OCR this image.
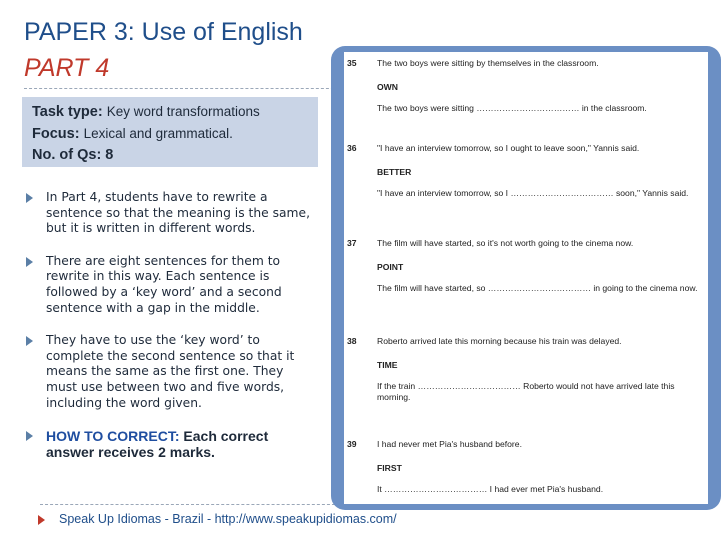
PAPER 3: Use of English
PART 4
Task type: Key word transformations
Focus: Lexical and grammatical.
No. of Qs: 8
In Part 4, students have to rewrite a sentence so that the meaning is the same, but it is written in different words.
There are eight sentences for them to rewrite in this way. Each sentence is followed by a ‘key word’ and a second sentence with a gap in the middle.
They have to use the ‘key word’ to complete the second sentence so that it means the same as the first one. They must use between two and five words, including the word given.
HOW TO CORRECT: Each correct answer receives 2 marks.
Speak Up Idiomas - Brazil - http://www.speakupidiomas.com/
35	The two boys were sitting by themselves in the classroom.
OWN
The two boys were sitting ……………………………… in the classroom.
36	"I have an interview tomorrow, so I ought to leave soon," Yannis said.
BETTER
"I have an interview tomorrow, so I ……………………………… soon," Yannis said.
37	The film will have started, so it's not worth going to the cinema now.
POINT
The film will have started, so ……………………………… in going to the cinema now.
38	Roberto arrived late this morning because his train was delayed.
TIME
If the train ……………………………… Roberto would not have arrived late this morning.
39	I had never met Pia's husband before.
FIRST
It ……………………………… I had ever met Pia's husband.
